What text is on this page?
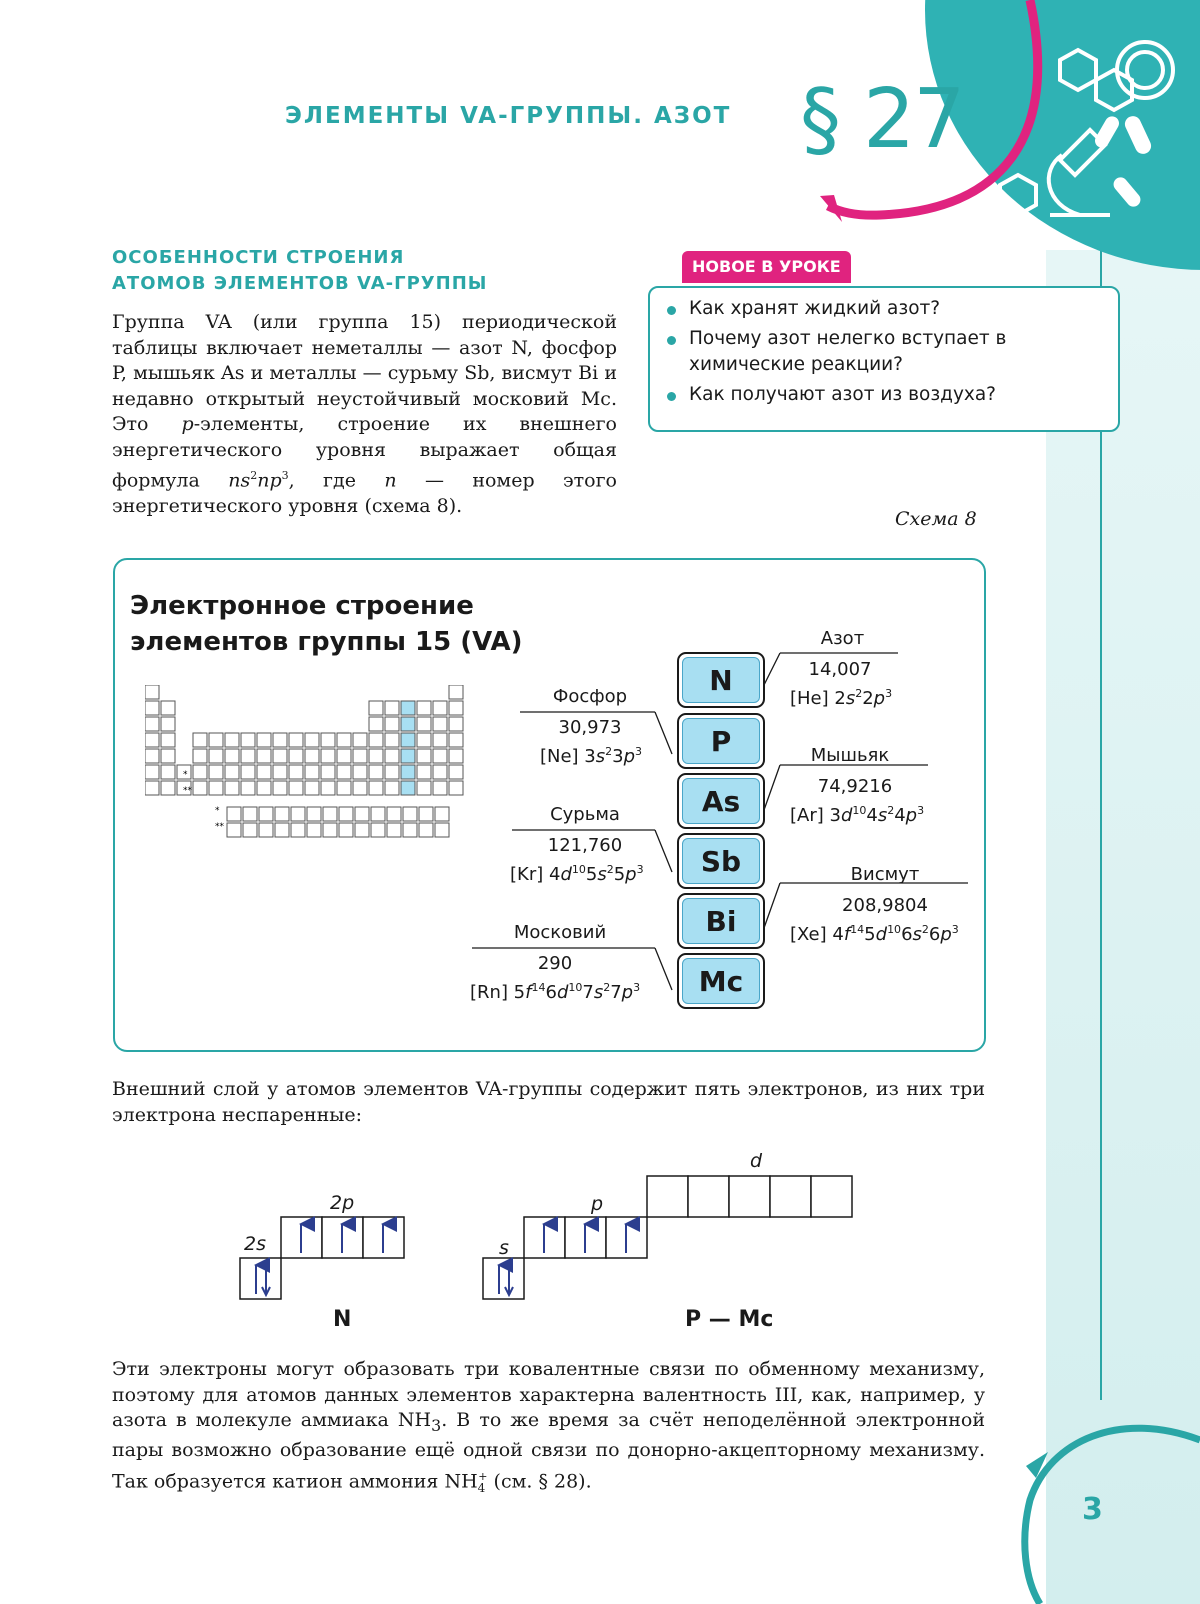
ЭЛЕМЕНТЫ VA-ГРУППЫ. АЗОТ § 27
ОСОБЕННОСТИ СТРОЕНИЯ
АТОМОВ ЭЛЕМЕНТОВ VA-ГРУППЫ
Группа VA (или группа 15) периодической таблицы включает неметаллы — азот N, фосфор P, мышьяк As и металлы — сурьму Sb, висмут Bi и недавно открытый неустойчивый московий Mc. Это p-элементы, строение их внешнего энергетического уровня выражает общая формула $ns^2np^3$, где n — номер этого энергетического уровня (схема 8).
НОВОЕ В УРОКЕ
Как хранят жидкий азот?
Почему азот нелегко вступает в химические реакции?
Как получают азот из воздуха?
Схема 8
Электронное строение
элементов группы 15 (VA)
*
**
*
**
N
P
As
Sb
Bi
Mc
Азот
14,007
[He] $2s^22p^3$
Фосфор
30,973
[Ne] $3s^23p^3$	Мышьяк
74,9216
[Ar] $3d^{10}4s^24p^3$
Сурьма
121,760
[Kr] $4d^{10}5s^25p^3$	Висмут
208,9804
[Xe] $4f^{14}5d^{10}6s^26p^3$
Московий
290
[Rn] $5f^{14}6d^{10}7s^27p^3$
Внешний слой у атомов элементов VA-группы содержит пять электронов, из них три электрона неспаренные:
2s
2p
N
s
p
d
P — Mc
Эти электроны могут образовать три ковалентные связи по обменному механизму, поэтому для атомов данных элементов характерна валентность III, как, например, у азота в молекуле аммиака $NH_3$. В то же время за счёт неподелённой электронной пары возможно образование ещё одной связи по донорно-акцепторному механизму. Так образуется катион аммония $NH_4^+$ (см. § 28).
3
